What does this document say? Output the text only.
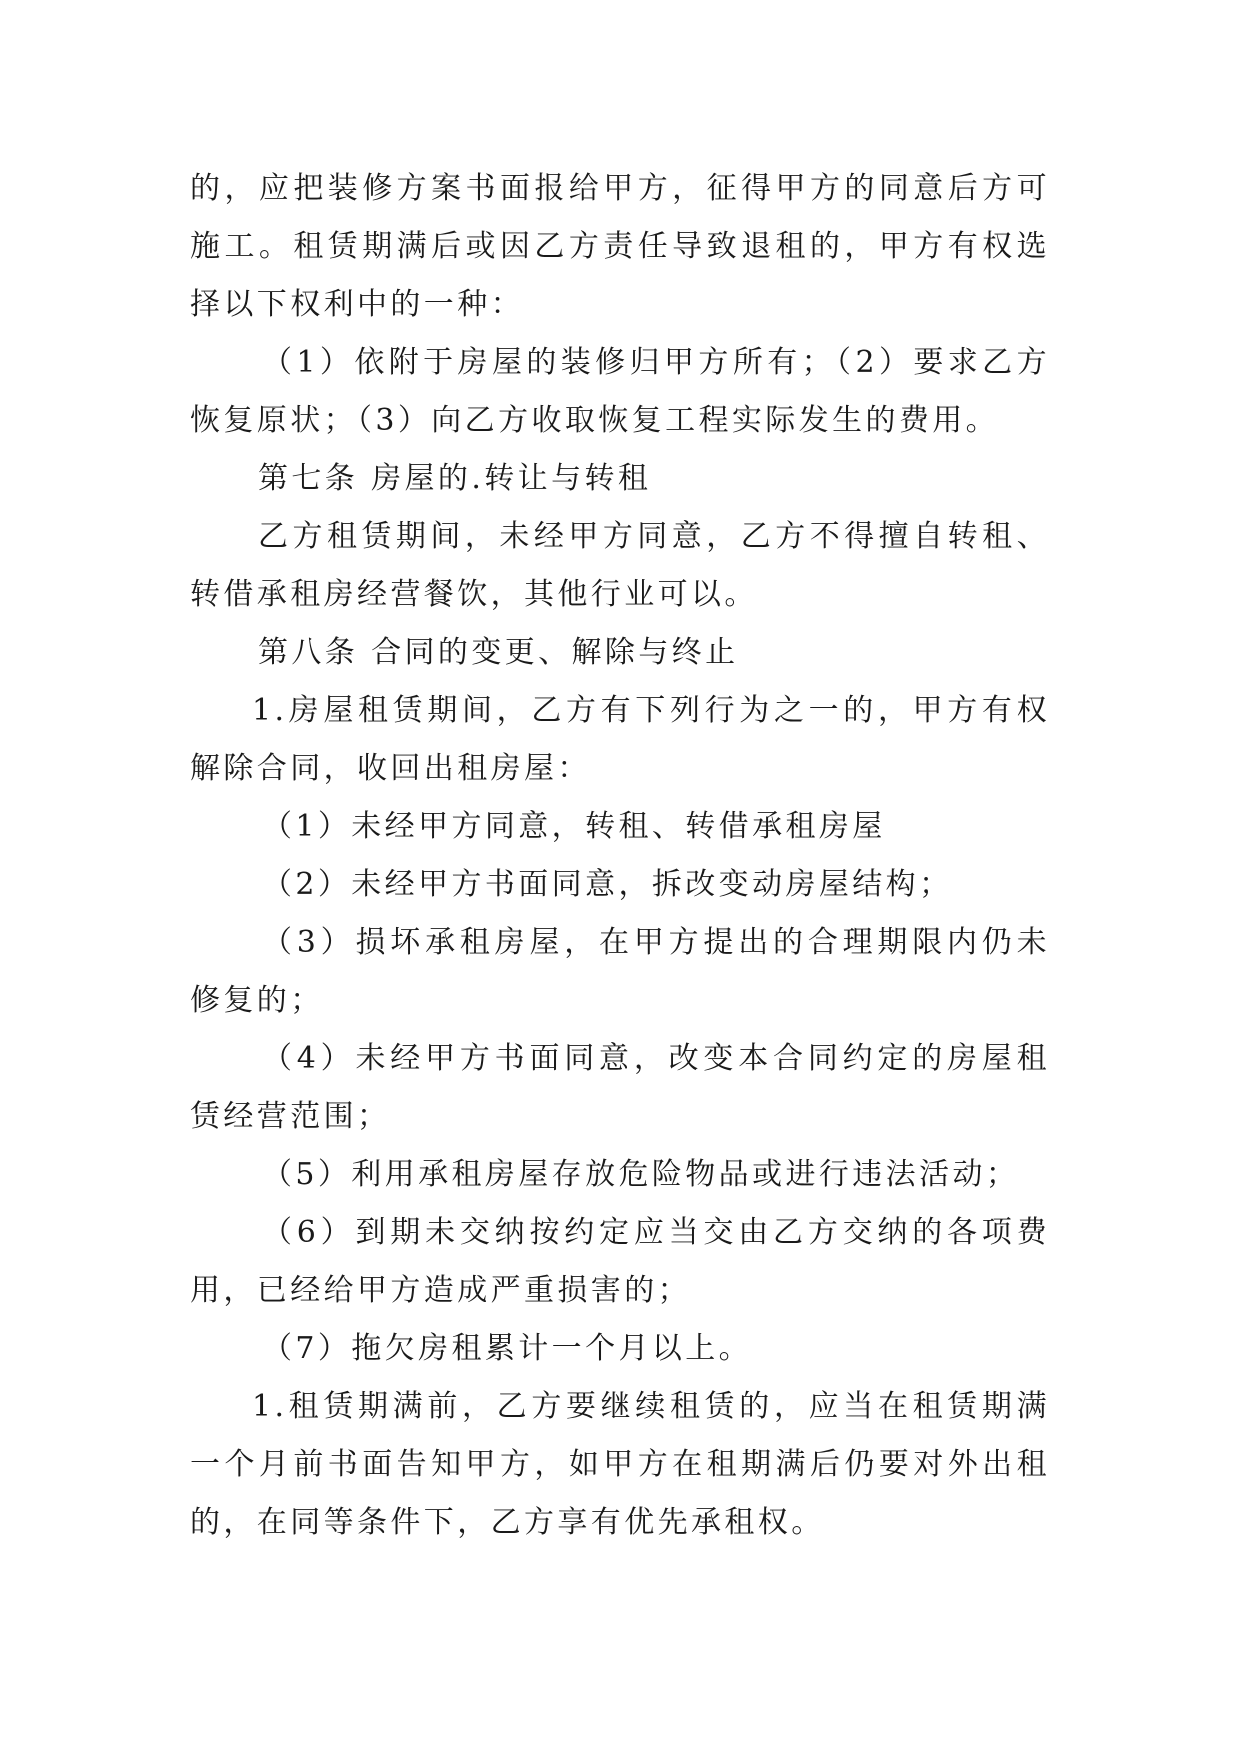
的，应把装修方案书面报给甲方，征得甲方的同意后方可施工。租赁期满后或因乙方责任导致退租的，甲方有权选择以下权利中的一种：

（1）依附于房屋的装修归甲方所有；（2）要求乙方恢复原状；（3）向乙方收取恢复工程实际发生的费用。

第七条 房屋的.转让与转租

乙方租赁期间，未经甲方同意，乙方不得擅自转租、转借承租房经营餐饮，其他行业可以。

第八条 合同的变更、解除与终止

1.房屋租赁期间，乙方有下列行为之一的，甲方有权解除合同，收回出租房屋：

（1）未经甲方同意，转租、转借承租房屋

（2）未经甲方书面同意，拆改变动房屋结构；

（3）损坏承租房屋，在甲方提出的合理期限内仍未修复的；

（4）未经甲方书面同意，改变本合同约定的房屋租赁经营范围；

（5）利用承租房屋存放危险物品或进行违法活动；

（6）到期未交纳按约定应当交由乙方交纳的各项费用，已经给甲方造成严重损害的；

（7）拖欠房租累计一个月以上。

1.租赁期满前，乙方要继续租赁的，应当在租赁期满一个月前书面告知甲方，如甲方在租期满后仍要对外出租的，在同等条件下，乙方享有优先承租权。
